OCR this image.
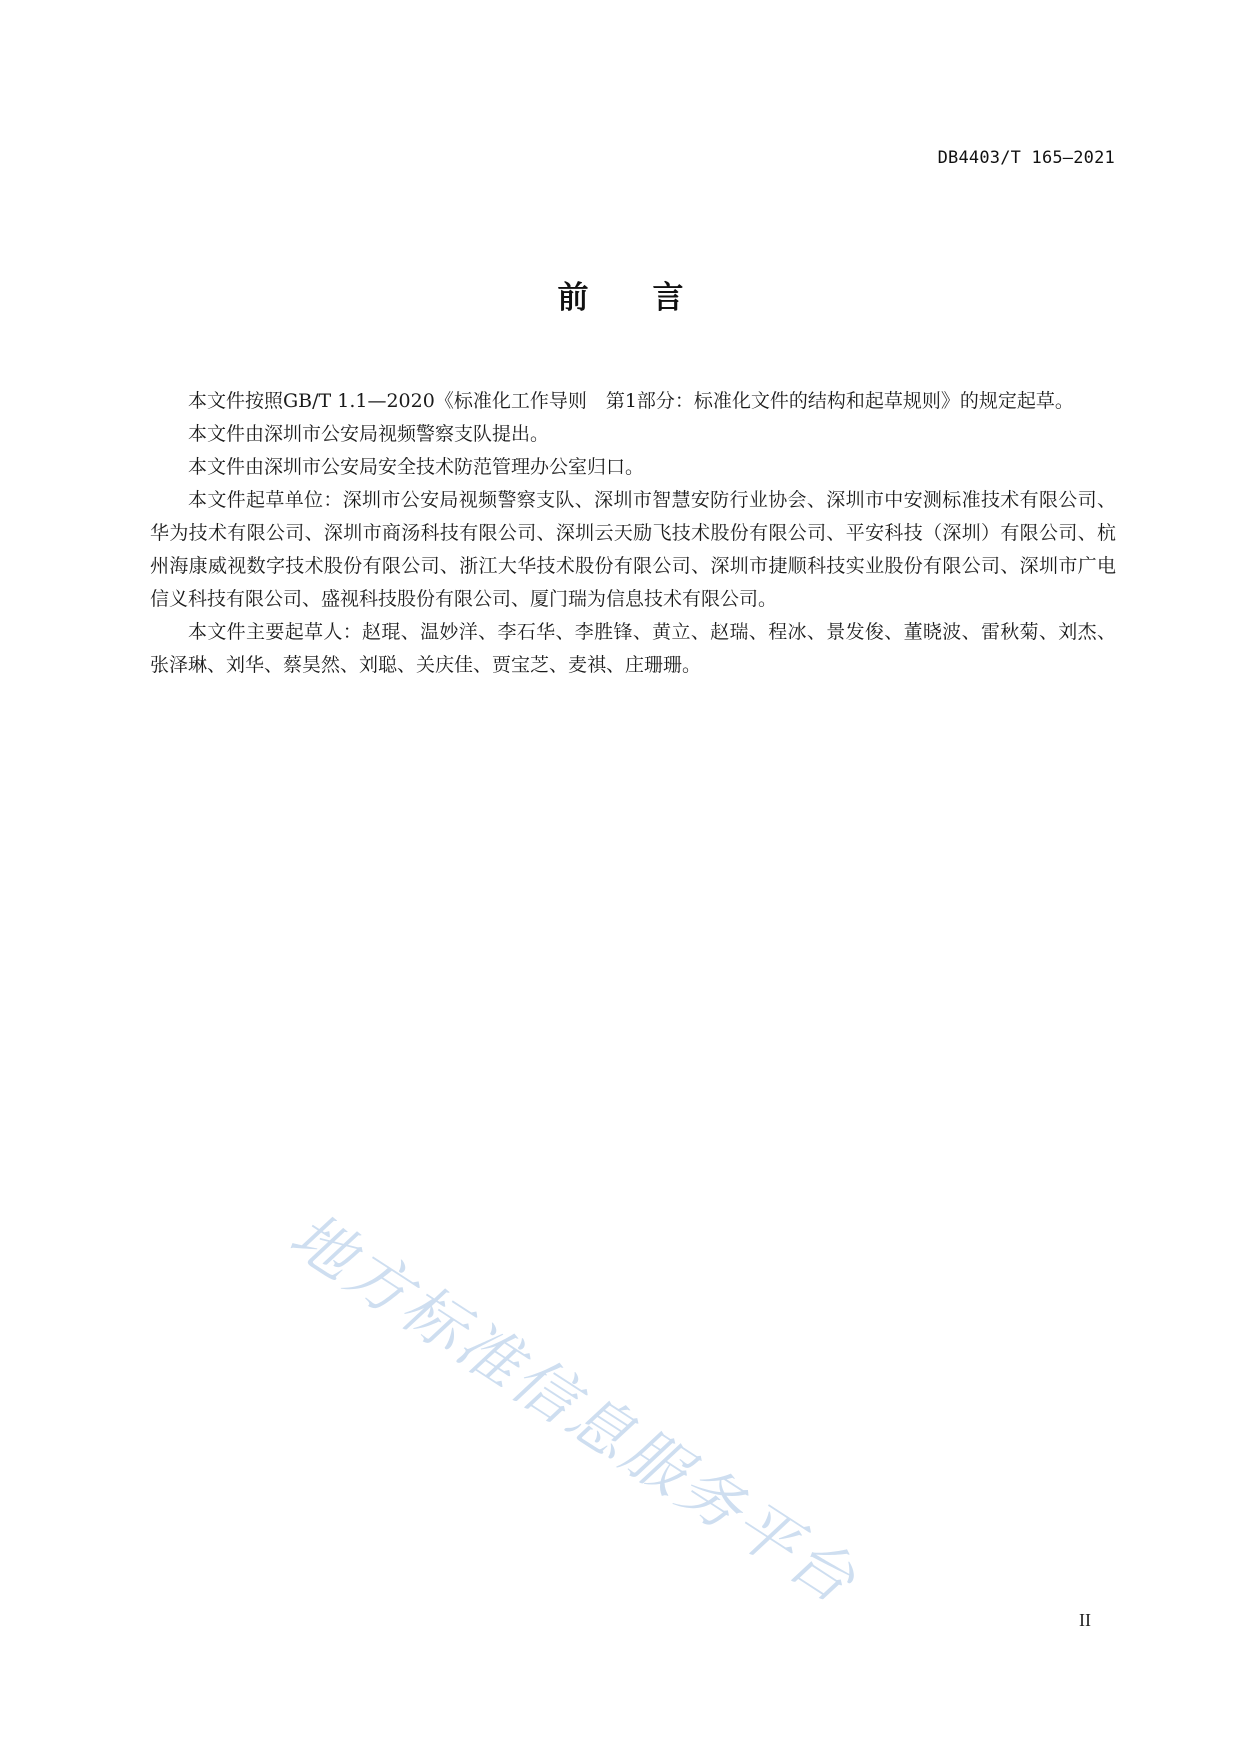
DB4403/T 165—2021
前言

本文件按照GB/T 1.1—2020《标准化工作导则　第1部分：标准化文件的结构和起草规则》的规定起草。

本文件由深圳市公安局视频警察支队提出。

本文件由深圳市公安局安全技术防范管理办公室归口。

本文件起草单位：深圳市公安局视频警察支队、深圳市智慧安防行业协会、深圳市中安测标准技术有限公司、华为技术有限公司、深圳市商汤科技有限公司、深圳云天励飞技术股份有限公司、平安科技（深圳）有限公司、杭州海康威视数字技术股份有限公司、浙江大华技术股份有限公司、深圳市捷顺科技实业股份有限公司、深圳市广电信义科技有限公司、盛视科技股份有限公司、厦门瑞为信息技术有限公司。

本文件主要起草人：赵琨、温妙洋、李石华、李胜锋、黄立、赵瑞、程冰、景发俊、董晓波、雷秋菊、刘杰、张泽琳、刘华、蔡昊然、刘聪、关庆佳、贾宝芝、麦祺、庄珊珊。

地方标准信息服务平台
II
